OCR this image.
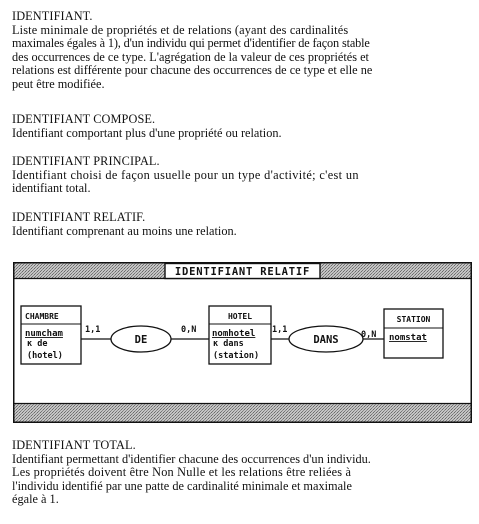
IDENTIFIANT.
Liste minimale de propriétés et de relations (ayant des cardinalités
maximales égales à 1), d'un individu qui permet d'identifier de façon stable
des occurrences de ce type. L'agrégation de la valeur de ces propriétés et
relations est différente pour chacune des occurrences de ce type et elle ne
peut être modifiée.
IDENTIFIANT COMPOSE.
Identifiant comportant plus d'une propriété ou relation.
IDENTIFIANT PRINCIPAL.
Identifiant choisi de façon usuelle pour un type d'activité; c'est un
identifiant total.
IDENTIFIANT RELATIF.
Identifiant comprenant au moins une relation.
IDENTIFIANT RELATIF
CHAMBRE
numcham
κ de
(hotel)
DE
1,1	0,N
HOTEL
nomhotel
κ dans
(station)
DANS
1,1	0,N
STATION
nomstat
IDENTIFIANT TOTAL.
Identifiant permettant d'identifier chacune des occurrences d'un individu.
Les propriétés doivent être Non Nulle et les relations être reliées à
l'individu identifié par une patte de cardinalité minimale et maximale
égale à 1.
